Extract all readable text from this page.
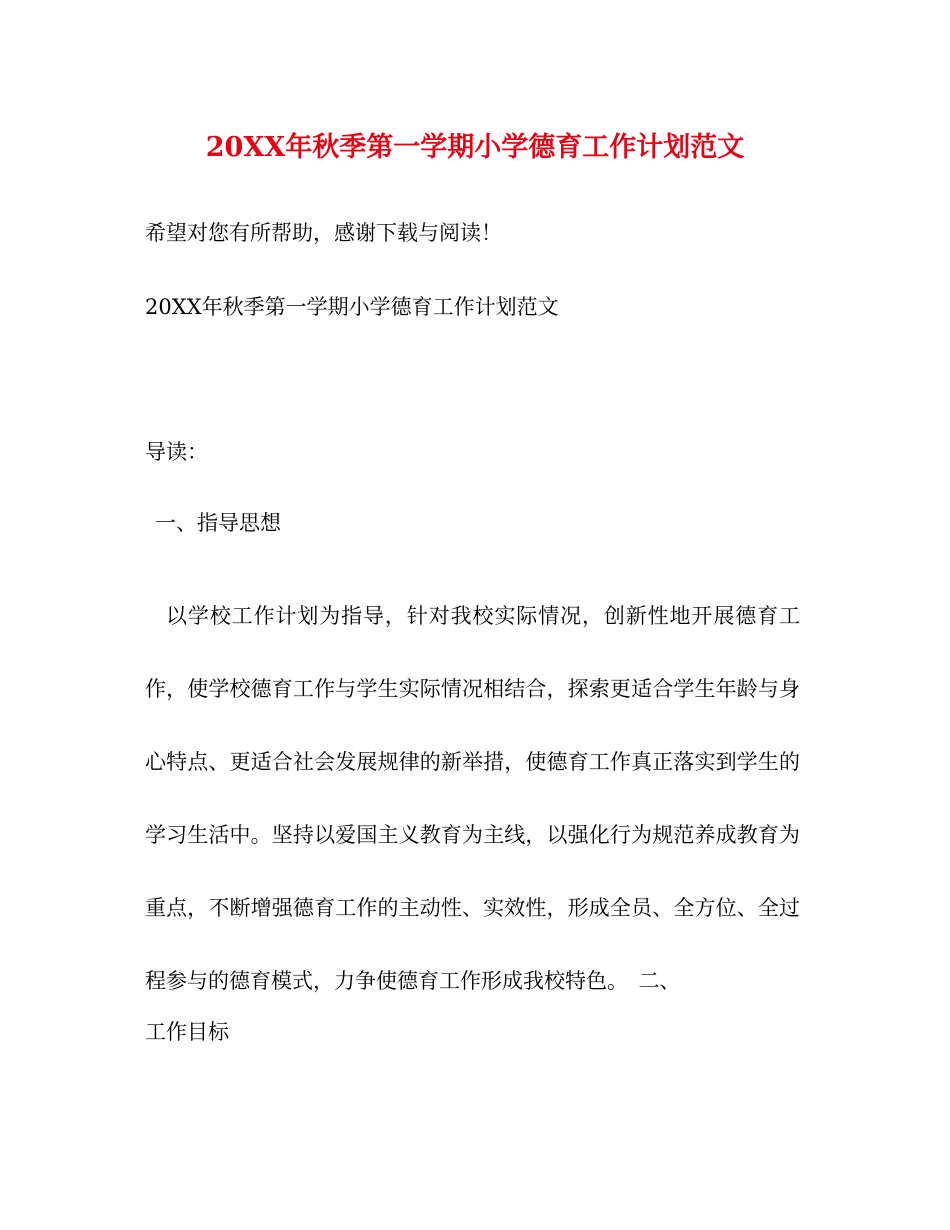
20XX年秋季第一学期小学德育工作计划范文
希望对您有所帮助，感谢下载与阅读！
20XX年秋季第一学期小学德育工作计划范文
导读：
一、指导思想
以学校工作计划为指导，针对我校实际情况，创新性地开展德育工作，使学校德育工作与学生实际情况相结合，探索更适合学生年龄与身心特点、更适合社会发展规律的新举措，使德育工作真正落实到学生的学习生活中。坚持以爱国主义教育为主线，以强化行为规范养成教育为重点，不断增强德育工作的主动性、实效性，形成全员、全方位、全过程参与的德育模式，力争使德育工作形成我校特色。　二、
工作目标
